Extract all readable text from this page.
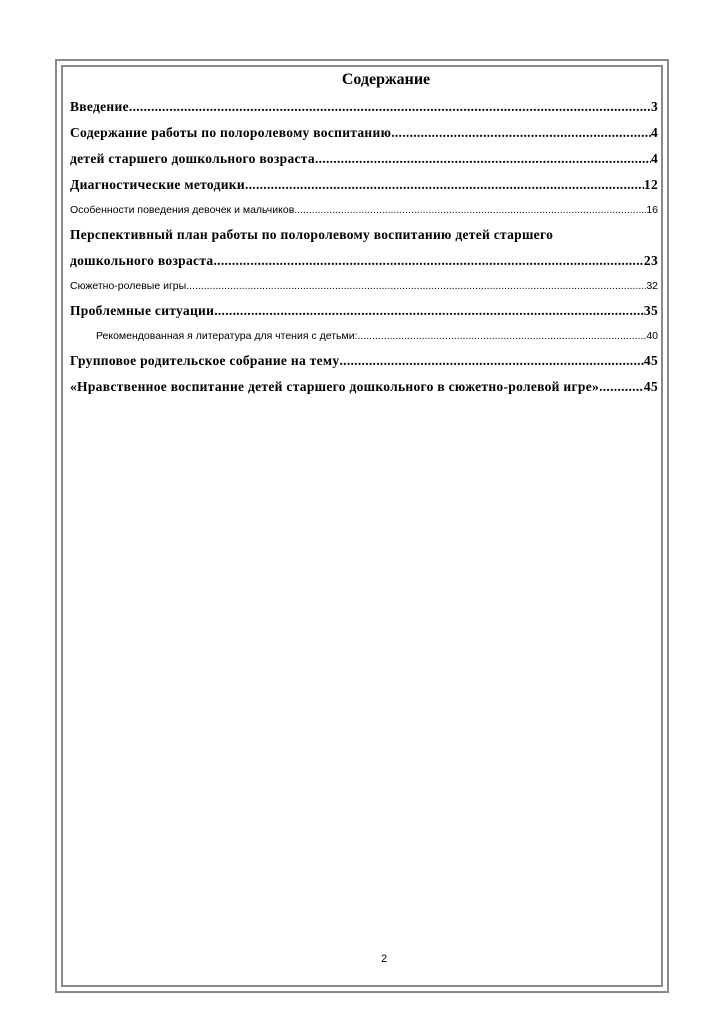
Содержание
Введение .....	3
Содержание работы по полоролевому воспитанию .....	4
детей старшего дошкольного возраста .....	4
Диагностические методики .....	12
Особенности поведения девочек и мальчиков .....	16
Перспективный план работы по полоролевому воспитанию детей старшего
дошкольного возраста .....	23
Сюжетно-ролевые игры .....	32
Проблемные ситуации .....	35
Рекомендованная я литература для чтения с детьми: .....	40
Групповое родительское собрание на тему .....	45
«Нравственное воспитание детей старшего дошкольного в сюжетно-ролевой игре» .....	45
2
